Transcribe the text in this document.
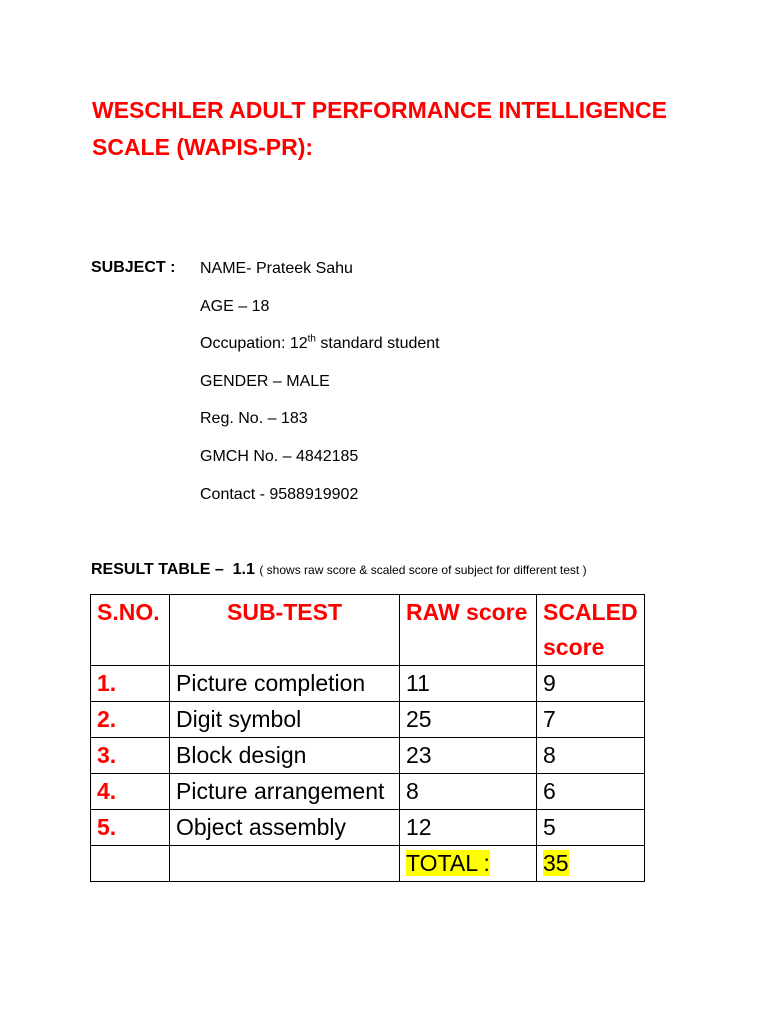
WESCHLER ADULT PERFORMANCE INTELLIGENCE SCALE (WAPIS-PR):
SUBJECT : NAME- Prateek Sahu
AGE – 18
Occupation: 12th standard student
GENDER – MALE
Reg. No. – 183
GMCH No. – 4842185
Contact - 9588919902
RESULT TABLE – 1.1 ( shows raw score & scaled score of subject for different test )
S.NO.	SUB-TEST	RAW score	SCALED score
1.	Picture completion	11	9
2.	Digit symbol	25	7
3.	Block design	23	8
4.	Picture arrangement	8	6
5.	Object assembly	12	5
		TOTAL :	35
